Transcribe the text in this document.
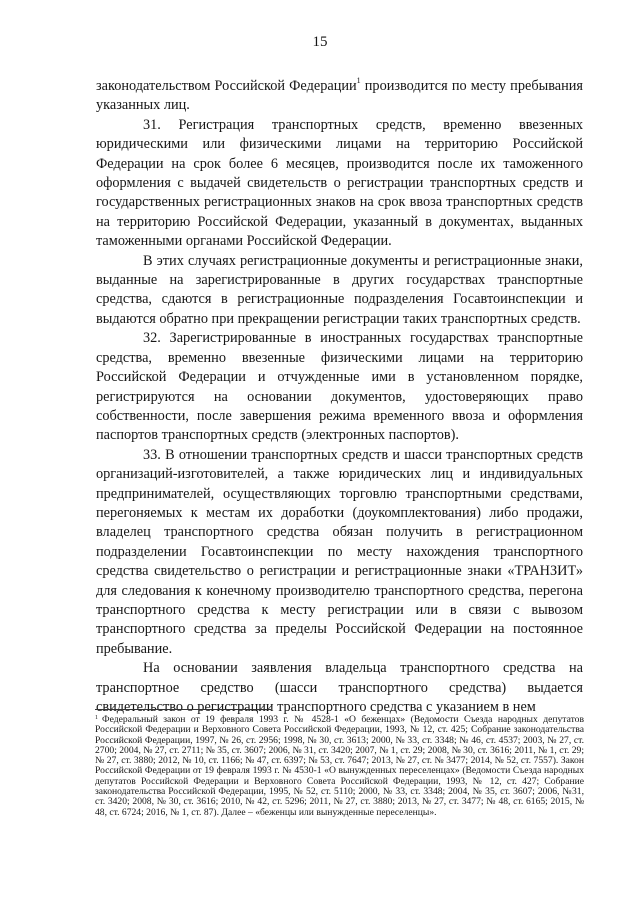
15

законодательством Российской Федерации$^1$ производится по месту пребывания указанных лиц.

31. Регистрация транспортных средств, временно ввезенных юридическими или физическими лицами на территорию Российской Федерации на срок более 6 месяцев, производится после их таможенного оформления с выдачей свидетельств о регистрации транспортных средств и государственных регистрационных знаков на срок ввоза транспортных средств на территорию Российской Федерации, указанный в документах, выданных таможенными органами Российской Федерации.

В этих случаях регистрационные документы и регистрационные знаки, выданные на зарегистрированные в других государствах транспортные средства, сдаются в регистрационные подразделения Госавтоинспекции и выдаются обратно при прекращении регистрации таких транспортных средств.

32. Зарегистрированные в иностранных государствах транспортные средства, временно ввезенные физическими лицами на территорию Российской Федерации и отчужденные ими в установленном порядке, регистрируются на основании документов, удостоверяющих право собственности, после завершения режима временного ввоза и оформления паспортов транспортных средств (электронных паспортов).

33. В отношении транспортных средств и шасси транспортных средств организаций-изготовителей, а также юридических лиц и индивидуальных предпринимателей, осуществляющих торговлю транспортными средствами, перегоняемых к местам их доработки (доукомплектования) либо продажи, владелец транспортного средства обязан получить в регистрационном подразделении Госавтоинспекции по месту нахождения транспортного средства свидетельство о регистрации и регистрационные знаки «ТРАНЗИТ» для следования к конечному производителю транспортного средства, перегона транспортного средства к месту регистрации или в связи с вывозом транспортного средства за пределы Российской Федерации на постоянное пребывание.

На основании заявления владельца транспортного средства на транспортное средство (шасси транспортного средства) выдается свидетельство о регистрации транспортного средства с указанием в нем

$^1$ Федеральный закон от 19 февраля 1993 г. № 4528-1 «О беженцах» (Ведомости Съезда народных депутатов Российской Федерации и Верховного Совета Российской Федерации, 1993, № 12, ст. 425; Собрание законодательства Российской Федерации, 1997, № 26, ст. 2956; 1998, № 30, ст. 3613; 2000, № 33, ст. 3348; № 46, ст. 4537; 2003, № 27, ст. 2700; 2004, № 27, ст. 2711; № 35, ст. 3607; 2006, № 31, ст. 3420; 2007, № 1, ст. 29; 2008, № 30, ст. 3616; 2011, № 1, ст. 29; № 27, ст. 3880; 2012, № 10, ст. 1166; № 47, ст. 6397; № 53, ст. 7647; 2013, № 27, ст. № 3477; 2014, № 52, ст. 7557). Закон Российской Федерации от 19 февраля 1993 г. № 4530-1 «О вынужденных переселенцах» (Ведомости Съезда народных депутатов Российской Федерации и Верховного Совета Российской Федерации, 1993, № 12, ст. 427; Собрание законодательства Российской Федерации, 1995, № 52, ст. 5110; 2000, № 33, ст. 3348; 2004, № 35, ст. 3607; 2006, №31, ст. 3420; 2008, № 30, ст. 3616; 2010, № 42, ст. 5296; 2011, № 27, ст. 3880; 2013, № 27, ст. 3477; № 48, ст. 6165; 2015, № 48, ст. 6724; 2016, № 1, ст. 87). Далее – «беженцы или вынужденные переселенцы».
